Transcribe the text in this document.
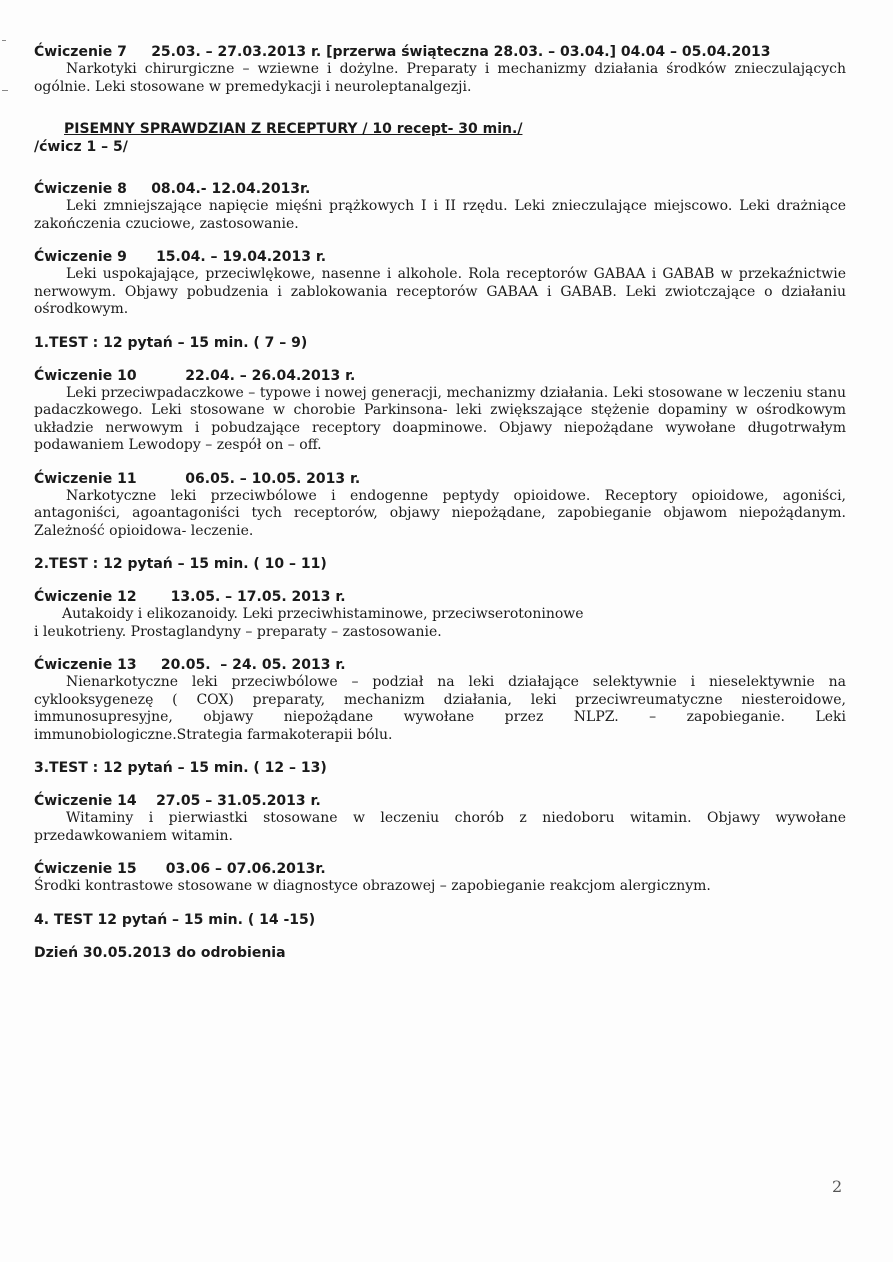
Ćwiczenie 7     25.03. – 27.03.2013 r. [przerwa świąteczna 28.03. – 03.04.] 04.04 – 05.04.2013

Narkotyki chirurgiczne – wziewne i dożylne. Preparaty i mechanizmy działania środków znieczulających ogólnie. Leki stosowane w premedykacji i neuroleptanalgezji.

PISEMNY SPRAWDZIAN Z RECEPTURY / 10 recept- 30 min./

/ćwicz 1 – 5/

Ćwiczenie 8     08.04.- 12.04.2013r.

Leki zmniejszające napięcie mięśni prążkowych I i II rzędu. Leki znieczulające miejscowo. Leki drażniące zakończenia czuciowe, zastosowanie.

Ćwiczenie 9      15.04. – 19.04.2013 r.

Leki uspokajające, przeciwlękowe, nasenne i alkohole. Rola receptorów GABAA i GABAB w przekaźnictwie nerwowym. Objawy pobudzenia i zablokowania receptorów GABAA i GABAB. Leki zwiotczające o działaniu ośrodkowym.

1.TEST : 12 pytań – 15 min. ( 7 – 9)

Ćwiczenie 10          22.04. – 26.04.2013 r.

Leki przeciwpadaczkowe – typowe i nowej generacji, mechanizmy działania. Leki stosowane w leczeniu stanu padaczkowego. Leki stosowane w chorobie Parkinsona- leki zwiększające stężenie dopaminy w ośrodkowym układzie nerwowym i pobudzające receptory doapminowe. Objawy niepożądane wywołane długotrwałym podawaniem Lewodopy – zespół on – off.

Ćwiczenie 11          06.05. – 10.05. 2013 r.

Narkotyczne leki przeciwbólowe i endogenne peptydy opioidowe. Receptory opioidowe, agoniści, antagoniści, agoantagoniści tych receptorów, objawy niepożądane, zapobieganie objawom niepożądanym. Zależność opioidowa- leczenie.

2.TEST : 12 pytań – 15 min. ( 10 – 11)

Ćwiczenie 12       13.05. – 17.05. 2013 r.

Autakoidy i elikozanoidy. Leki przeciwhistaminowe, przeciwserotoninowe

i leukotrieny. Prostaglandyny – preparaty – zastosowanie.

Ćwiczenie 13     20.05.  – 24. 05. 2013 r.

Nienarkotyczne leki przeciwbólowe – podział na leki działające selektywnie i nieselektywnie na cyklooksygenezę ( COX) preparaty, mechanizm działania, leki przeciwreumatyczne niesteroidowe, immunosupresyjne, objawy niepożądane wywołane przez NLPZ. – zapobieganie. Leki immunobiologiczne.Strategia farmakoterapii bólu.

3.TEST : 12 pytań – 15 min. ( 12 – 13)

Ćwiczenie 14    27.05 – 31.05.2013 r.

Witaminy i pierwiastki stosowane w leczeniu chorób z niedoboru witamin. Objawy wywołane przedawkowaniem witamin.

Ćwiczenie 15      03.06 – 07.06.2013r.

Środki kontrastowe stosowane w diagnostyce obrazowej – zapobieganie reakcjom alergicznym.

4. TEST 12 pytań – 15 min. ( 14 -15)

Dzień 30.05.2013 do odrobienia

2
